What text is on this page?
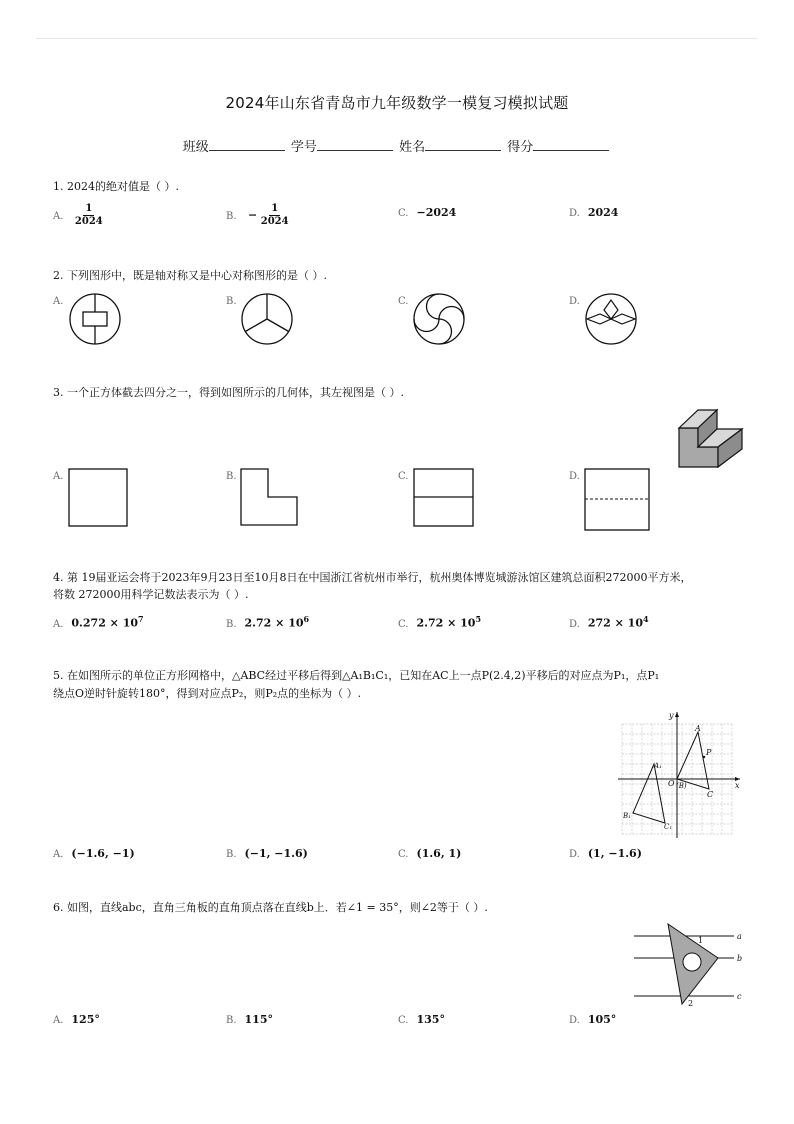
2024年山东省青岛市九年级数学一模复习模拟试题
班级	学号	姓名	得分
1. 2024的绝对值是（ ）.
A. $\frac{1}{2024}$	B. − $\frac{1}{2024}$	C. −2024	D. 2024
2. 下列图形中，既是轴对称又是中心对称图形的是（ ）.
A.	B.	C.	D.
3. 一个正方体截去四分之一，得到如图所示的几何体，其左视图是（ ）.
A.	B.	C.	D.
4. 第 19届亚运会将于2023年9月23日至10月8日在中国浙江省杭州市举行，杭州奥体博览城游泳馆区建筑总面积272000平方米，
将数 272000用科学记数法表示为（ ）.
A. $0.272 \times 10^7$	B. $2.72 \times 10^6$	C. $2.72 \times 10^5$	D. $272 \times 10^4$
5. 在如图所示的单位正方形网格中，△ABC经过平移后得到△A₁B₁C₁，已知在AC上一点P(2.4,2)平移后的对应点为P₁，点P₁
绕点O逆时针旋转180°，得到对应点P₂，则P₂点的坐标为（ ）.
y
x
A
P
A₁
O (B)
C
B₁
C₁
A. (−1.6, −1)	B. (−1, −1.6)	C. (1.6, 1)	D. (1, −1.6)
6. 如图，直线abc，直角三角板的直角顶点落在直线b上．若∠1 = 35°，则∠2等于（ ）.
a
b
c
1
2
A. 125°	B. 115°	C. 135°	D. 105°
